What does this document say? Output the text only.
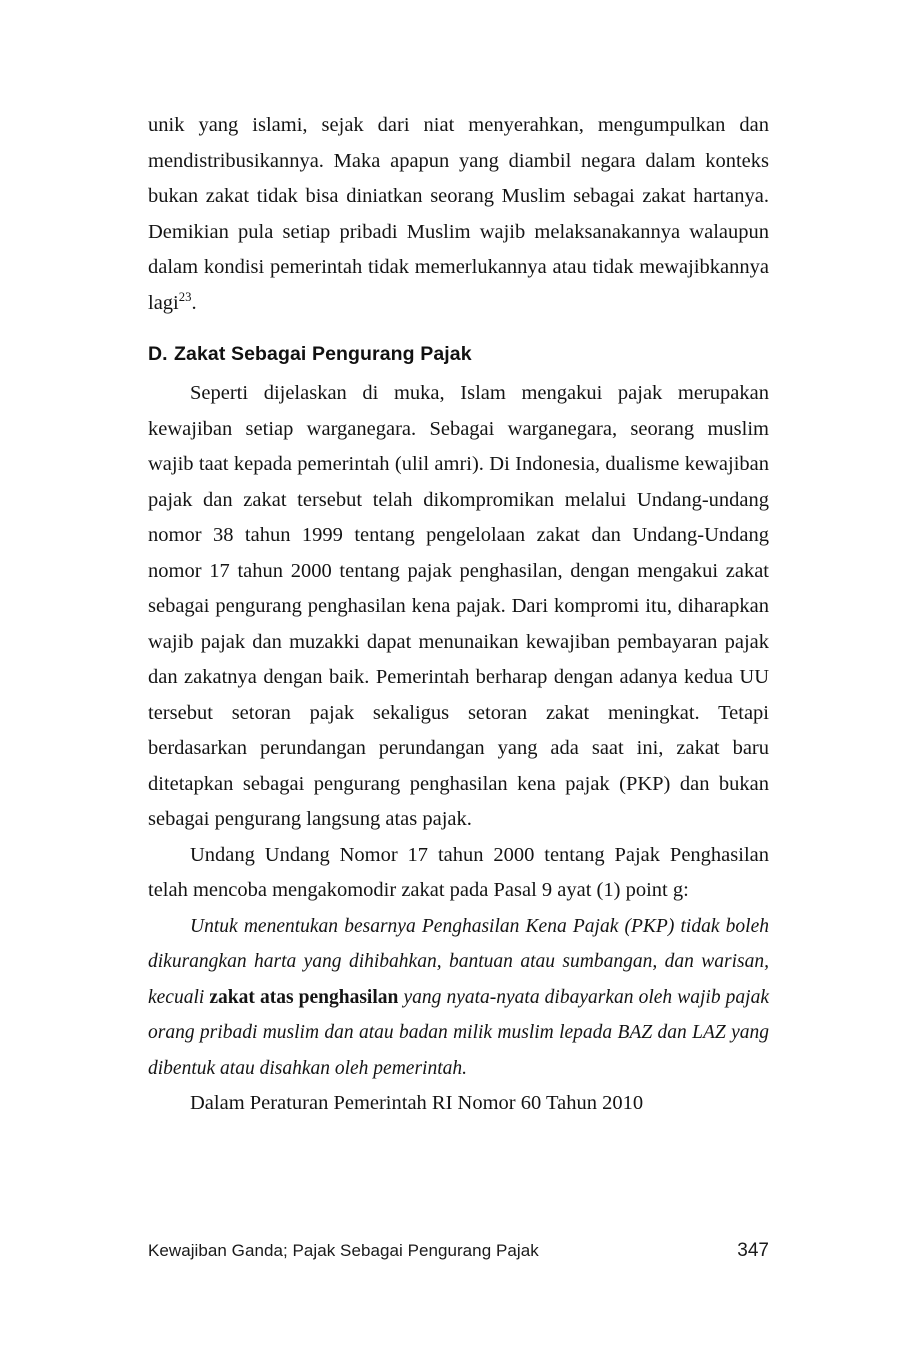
unik yang islami, sejak dari niat menyerahkan, mengumpulkan dan mendistribusikannya. Maka apapun yang diambil negara dalam konteks bukan zakat tidak bisa diniatkan seorang Muslim sebagai zakat hartanya. Demikian pula setiap pribadi Muslim wajib melaksanakannya walaupun dalam kondisi pemerintah tidak memerlukannya atau tidak mewajibkannya lagi$^{23}$.

D. Zakat Sebagai Pengurang Pajak

Seperti dijelaskan di muka, Islam mengakui pajak merupakan kewajiban setiap warganegara. Sebagai warganegara, seorang muslim wajib taat kepada pemerintah (ulil amri). Di Indonesia, dualisme kewajiban pajak dan zakat tersebut telah dikompromikan melalui Undang-undang nomor 38 tahun 1999 tentang pengelolaan zakat dan Undang-Undang nomor 17 tahun 2000 tentang pajak penghasilan, dengan mengakui zakat sebagai pengurang penghasilan kena pajak. Dari kompromi itu, diharapkan wajib pajak dan muzakki dapat menunaikan kewajiban pembayaran pajak dan zakatnya dengan baik. Pemerintah berharap dengan adanya kedua UU tersebut setoran pajak sekaligus setoran zakat meningkat. Tetapi berdasarkan perundangan perundangan yang ada saat ini, zakat baru ditetapkan sebagai pengurang penghasilan kena pajak (PKP) dan bukan sebagai pengurang langsung atas pajak.

Undang Undang Nomor 17 tahun 2000 tentang Pajak Penghasilan telah mencoba mengakomodir zakat pada Pasal 9 ayat (1) point g:

Untuk menentukan besarnya Penghasilan Kena Pajak (PKP) tidak boleh dikurangkan harta yang dihibahkan, bantuan atau sumbangan, dan warisan, kecuali zakat atas penghasilan yang nyata-nyata dibayarkan oleh wajib pajak orang pribadi muslim dan atau badan milik muslim lepada BAZ dan LAZ yang dibentuk atau disahkan oleh pemerintah.

Dalam Peraturan Pemerintah RI Nomor 60 Tahun 2010

Kewajiban Ganda; Pajak Sebagai Pengurang Pajak	347
